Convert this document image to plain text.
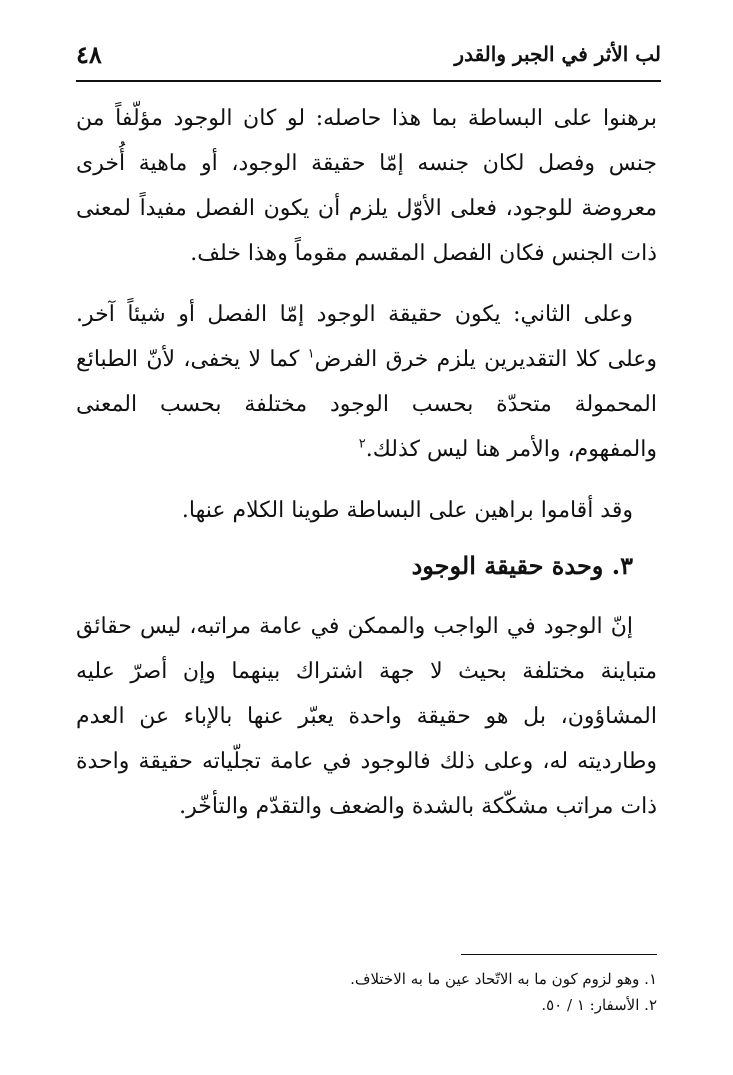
لب الأثر في الجبر والقدر
٤٨

برهنوا على البساطة بما هذا حاصله: لو كان الوجود مؤلّفاً من جنس وفصل لكان جنسه إمّا حقيقة الوجود، أو ماهية أُخرى معروضة للوجود، فعلى الأوّل يلزم أن يكون الفصل مفيداً لمعنى ذات الجنس فكان الفصل المقسم مقوماً وهذا خلف.

وعلى الثاني: يكون حقيقة الوجود إمّا الفصل أو شيئاً آخر. وعلى كلا التقديرين يلزم خرق الفرض$^١$ كما لا يخفى، لأنّ الطبائع المحمولة متحدّة بحسب الوجود مختلفة بحسب المعنى والمفهوم، والأمر هنا ليس كذلك.$^٢$

وقد أقاموا براهين على البساطة طوينا الكلام عنها.

٣. وحدة حقيقة الوجود

إنّ الوجود في الواجب والممكن في عامة مراتبه، ليس حقائق متباينة مختلفة بحيث لا جهة اشتراك بينهما وإن أصرّ عليه المشاؤون، بل هو حقيقة واحدة يعبّر عنها بالإباء عن العدم وطارديته له، وعلى ذلك فالوجود في عامة تجلّياته حقيقة واحدة ذات مراتب مشكّكة بالشدة والضعف والتقدّم والتأخّر.

١. وهو لزوم كون ما به الاتّحاد عين ما به الاختلاف.

٢. الأسفار: ١ / ٥٠.
